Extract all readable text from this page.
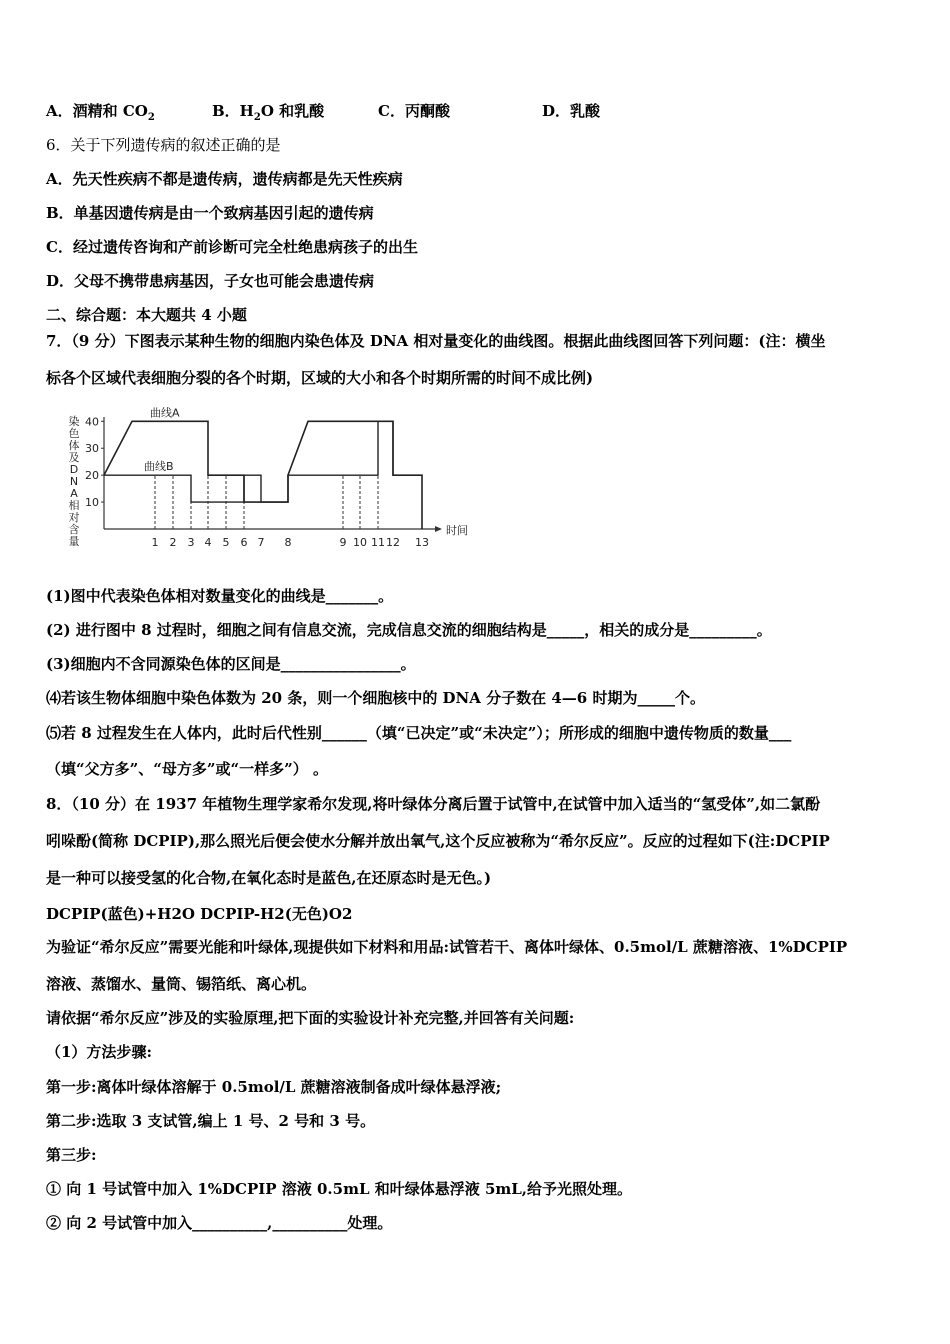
A．酒精和 $CO_2$	B．$H_2O$ 和乳酸	C．丙酮酸	D．乳酸
6．关于下列遗传病的叙述正确的是
A．先天性疾病不都是遗传病，遗传病都是先天性疾病
B．单基因遗传病是由一个致病基因引起的遗传病
C．经过遗传咨询和产前诊断可完全杜绝患病孩子的出生
D．父母不携带患病基因，子女也可能会患遗传病
二、综合题：本大题共 4 小题
7．（9 分）下图表示某种生物的细胞内染色体及 DNA 相对量变化的曲线图。根据此曲线图回答下列问题：(注：横坐
标各个区域代表细胞分裂的各个时期，区域的大小和各个时期所需的时间不成比例)
染
色
体
及
D
N
A
相
对
含
量
时间
10
20
30
40
1 2 3 4 5 6 7 8	9 10 11 12 13
曲线A
曲线B
(1)图中代表染色体相对数量变化的曲线是_______。
(2) 进行图中 8 过程时，细胞之间有信息交流，完成信息交流的细胞结构是_____，相关的成分是_________。
(3)细胞内不含同源染色体的区间是________________。
⑷若该生物体细胞中染色体数为 20 条，则一个细胞核中的 DNA 分子数在 4—6 时期为_____个。
⑸若 8 过程发生在人体内，此时后代性别______（填“已决定”或“未决定”）；所形成的细胞中遗传物质的数量___
（填“父方多”、“母方多”或“一样多”） 。
8．（10 分）在 1937 年植物生理学家希尔发现,将叶绿体分离后置于试管中,在试管中加入适当的“氢受体”,如二氯酚
吲哚酚(简称 DCPIP),那么照光后便会使水分解并放出氧气,这个反应被称为“希尔反应”。反应的过程如下(注:DCPIP
是一种可以接受氢的化合物,在氧化态时是蓝色,在还原态时是无色。)
DCPIP(蓝色)+H2O DCPIP-H2(无色)O2
为验证“希尔反应”需要光能和叶绿体,现提供如下材料和用品:试管若干、离体叶绿体、0.5mol/L 蔗糖溶液、1%DCPIP
溶液、蒸馏水、量筒、锡箔纸、离心机。
请依据“希尔反应”涉及的实验原理,把下面的实验设计补充完整,并回答有关问题:
（1）方法步骤:
第一步:离体叶绿体溶解于 0.5mol/L 蔗糖溶液制备成叶绿体悬浮液;
第二步:选取 3 支试管,编上 1 号、2 号和 3 号。
第三步:
① 向 1 号试管中加入 1%DCPIP 溶液 0.5mL 和叶绿体悬浮液 5mL,给予光照处理。
② 向 2 号试管中加入__________,__________处理。
